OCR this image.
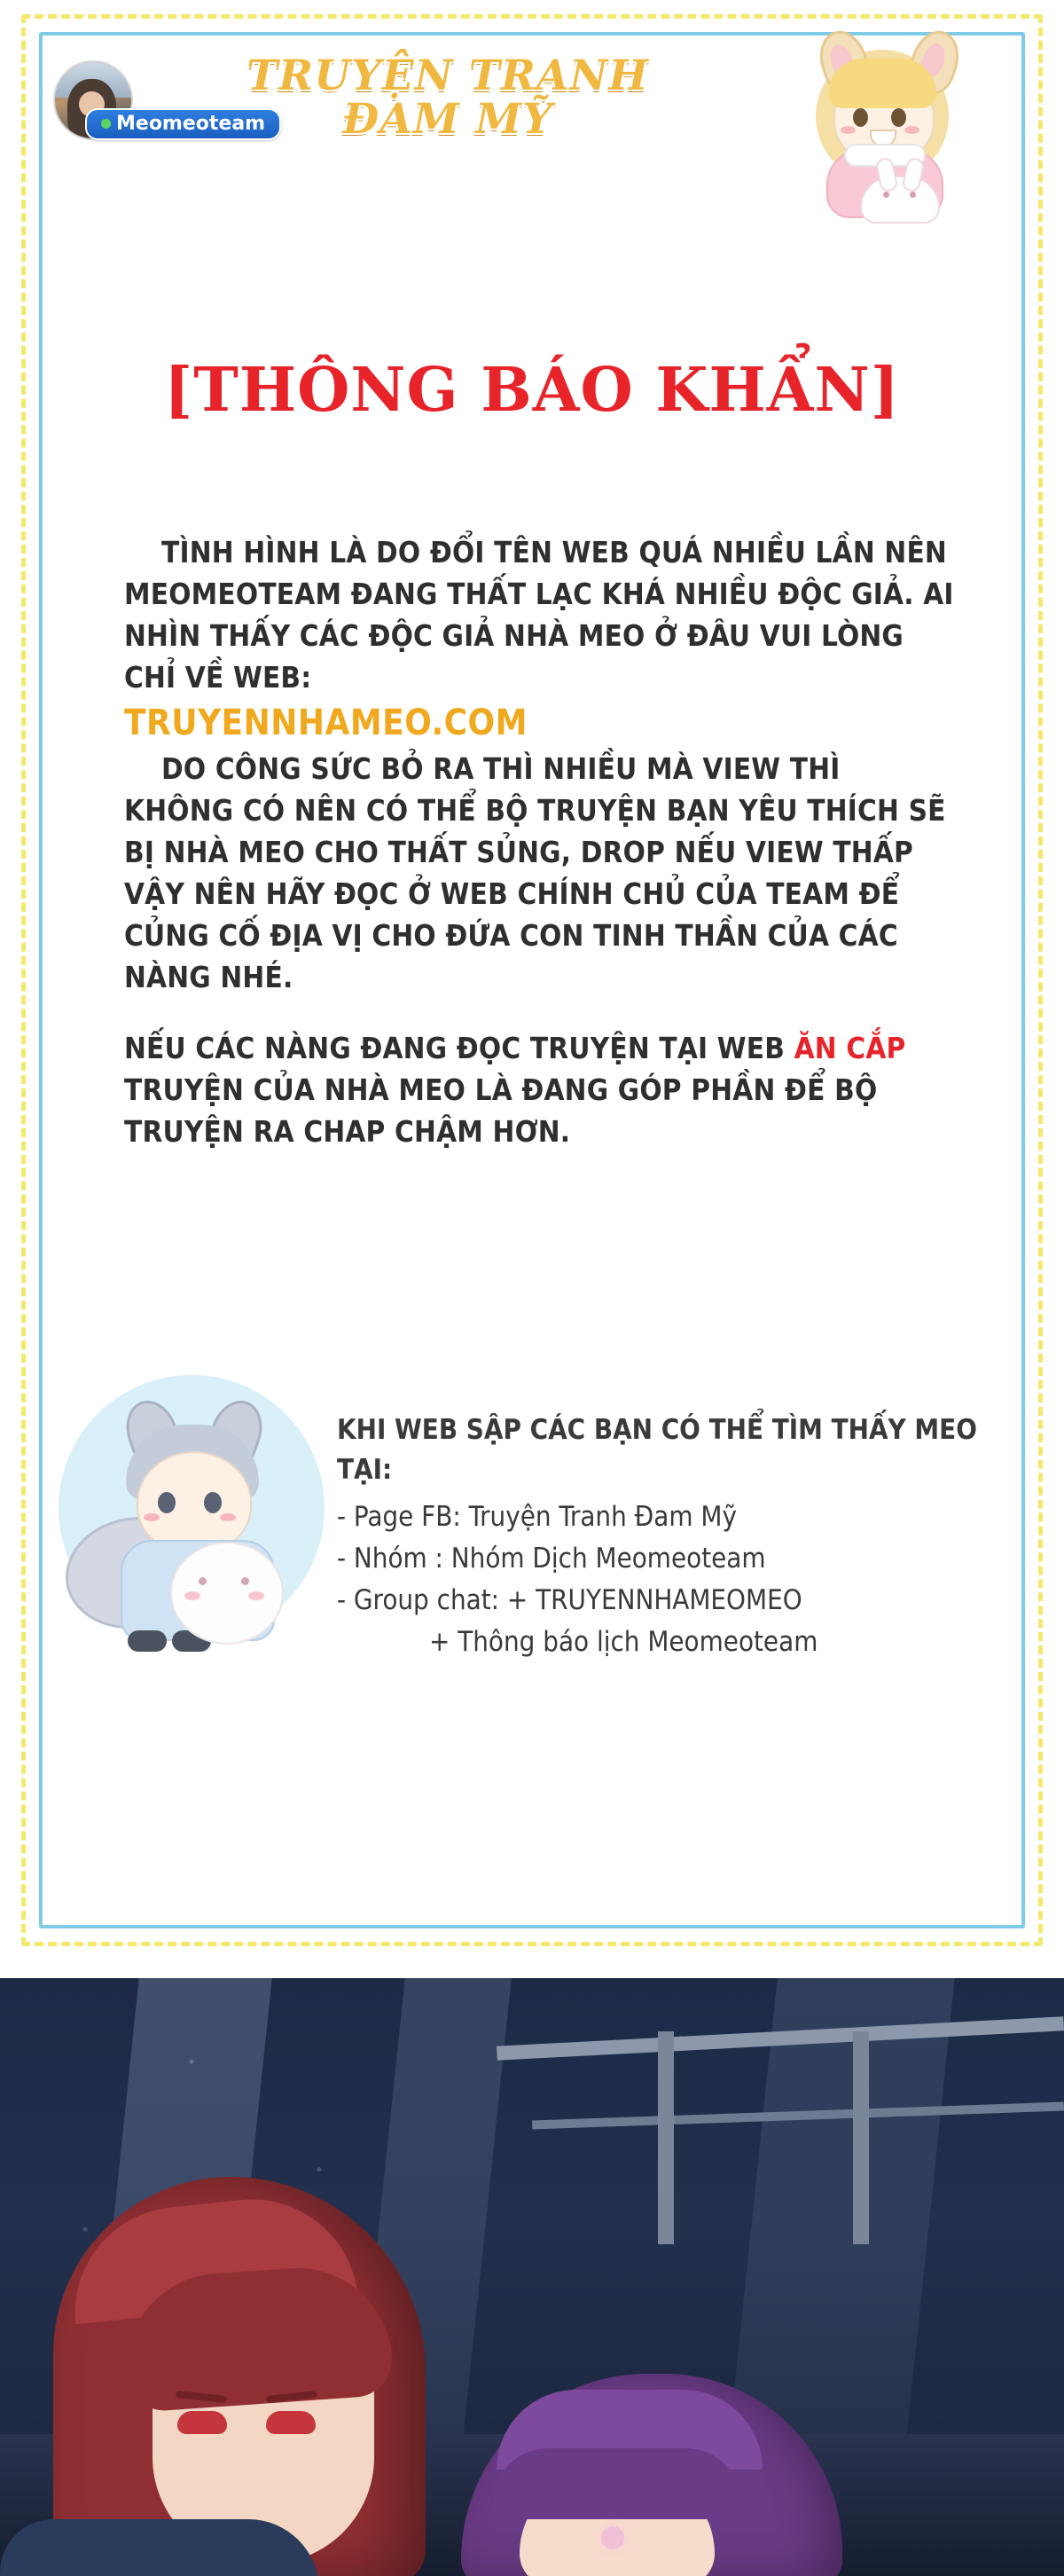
Meomeoteam
TRUYỆN TRANH
ĐAM MỸ
[THÔNG BÁO KHẨN]

TÌNH HÌNH LÀ DO ĐỔI TÊN WEB QUÁ NHIỀU LẦN NÊN MEOMEOTEAM ĐANG THẤT LẠC KHÁ NHIỀU ĐỘC GIẢ. AI NHÌN THẤY CÁC ĐỘC GIẢ NHÀ MEO Ở ĐÂU VUI LÒNG CHỈ VỀ WEB:

TRUYENNHAMEO.COM

DO CÔNG SỨC BỎ RA THÌ NHIỀU MÀ VIEW THÌ KHÔNG CÓ NÊN CÓ THỂ BỘ TRUYỆN BẠN YÊU THÍCH SẼ BỊ NHÀ MEO CHO THẤT SỦNG, DROP NẾU VIEW THẤP VẬY NÊN HÃY ĐỌC Ở WEB CHÍNH CHỦ CỦA TEAM ĐỂ CỦNG CỐ ĐỊA VỊ CHO ĐỨA CON TINH THẦN CỦA CÁC NÀNG NHÉ.

NẾU CÁC NÀNG ĐANG ĐỌC TRUYỆN TẠI WEB ĂN CẮP TRUYỆN CỦA NHÀ MEO LÀ ĐANG GÓP PHẦN ĐỂ BỘ TRUYỆN RA CHAP CHẬM HƠN.

KHI WEB SẬP CÁC BẠN CÓ THỂ TÌM THẤY MEO TẠI:
- Page FB: Truyện Tranh Đam Mỹ
- Nhóm : Nhóm Dịch Meomeoteam
- Group chat: + TRUYENNHAMEOMEO
+ Thông báo lịch Meomeoteam
